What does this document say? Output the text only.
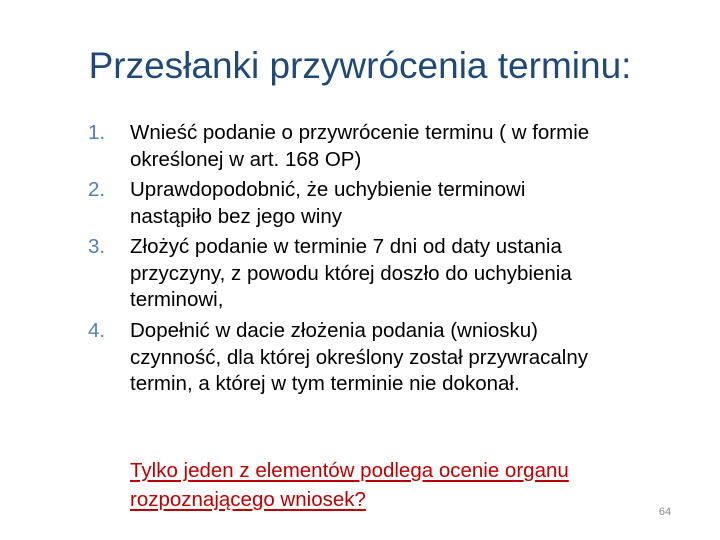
Przesłanki przywrócenia terminu:
1.	Wnieść podanie o przywrócenie terminu ( w formie
określonej w art. 168 OP)
2.	Uprawdopodobnić, że uchybienie terminowi
nastąpiło bez jego winy
3.	Złożyć podanie w terminie 7 dni od daty ustania
przyczyny, z powodu której doszło do uchybienia
terminowi,
4.	Dopełnić w dacie złożenia podania (wniosku)
czynność, dla której określony został przywracalny
termin, a której w tym terminie nie dokonał.
Tylko jeden z elementów podlega ocenie organu
rozpoznającego wniosek?
64
